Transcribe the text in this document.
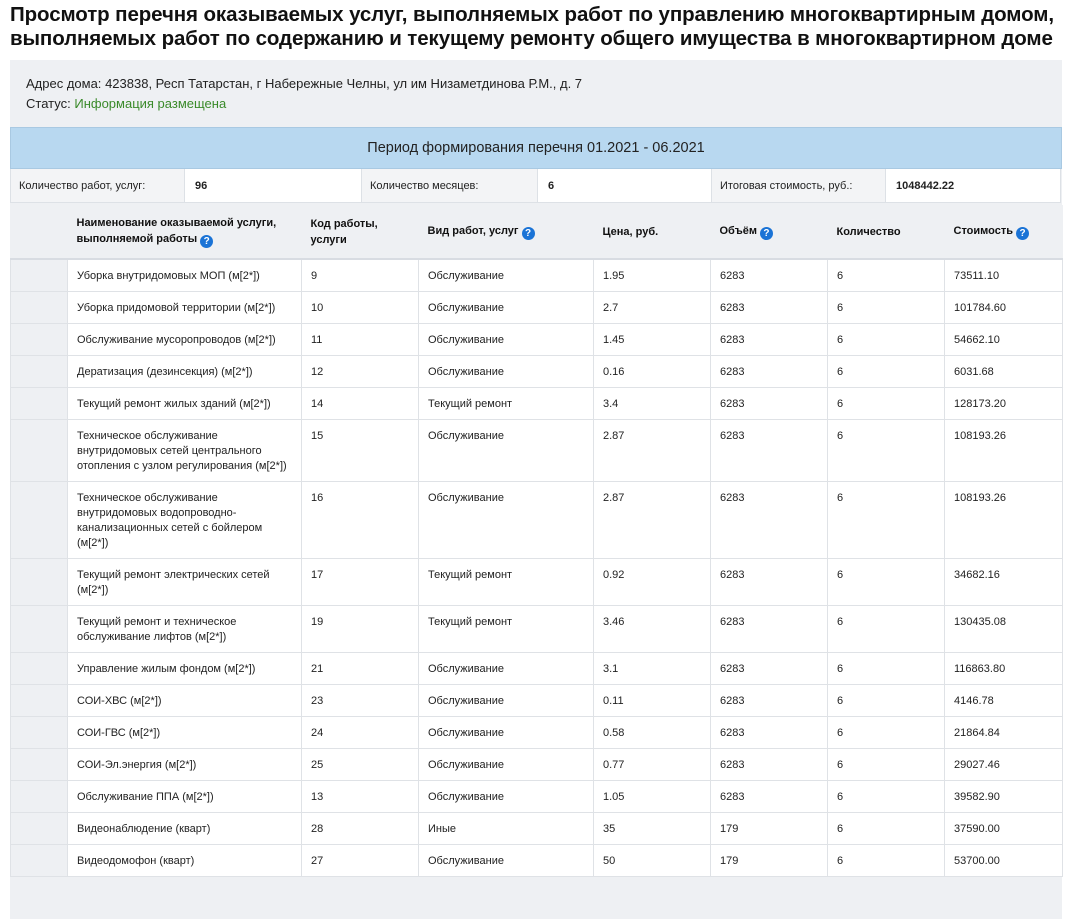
Просмотр перечня оказываемых услуг, выполняемых работ по управлению многоквартирным домом, выполняемых работ по содержанию и текущему ремонту общего имущества в многоквартирном доме
Адрес дома: 423838, Респ Татарстан, г Набережные Челны, ул им Низаметдинова Р.М., д. 7
Статус: Информация размещена
Период формирования перечня 01.2021 - 06.2021
Количество работ, услуг:	96	Количество месяцев:	6	Итоговая стоимость, руб.:	1048442.22
	Наименование оказываемой услуги, выполняемой работы ?	Код работы, услуги	Вид работ, услуг ?	Цена, руб.	Объём ?	Количество	Стоимость ?
	Уборка внутридомовых МОП (м[2*])	9	Обслуживание	1.95	6283	6	73511.10
	Уборка придомовой территории (м[2*])	10	Обслуживание	2.7	6283	6	101784.60
	Обслуживание мусоропроводов (м[2*])	11	Обслуживание	1.45	6283	6	54662.10
	Дератизация (дезинсекция) (м[2*])	12	Обслуживание	0.16	6283	6	6031.68
	Текущий ремонт жилых зданий (м[2*])	14	Текущий ремонт	3.4	6283	6	128173.20
	Техническое обслуживание внутридомовых сетей центрального отопления с узлом регулирования (м[2*])	15	Обслуживание	2.87	6283	6	108193.26
	Техническое обслуживание внутридомовых водопроводно-канализационных сетей с бойлером (м[2*])	16	Обслуживание	2.87	6283	6	108193.26
	Текущий ремонт электрических сетей (м[2*])	17	Текущий ремонт	0.92	6283	6	34682.16
	Текущий ремонт и техническое обслуживание лифтов (м[2*])	19	Текущий ремонт	3.46	6283	6	130435.08
	Управление жилым фондом (м[2*])	21	Обслуживание	3.1	6283	6	116863.80
	СОИ-ХВС (м[2*])	23	Обслуживание	0.11	6283	6	4146.78
	СОИ-ГВС (м[2*])	24	Обслуживание	0.58	6283	6	21864.84
	СОИ-Эл.энергия (м[2*])	25	Обслуживание	0.77	6283	6	29027.46
	Обслуживание ППА (м[2*])	13	Обслуживание	1.05	6283	6	39582.90
	Видеонаблюдение (кварт)	28	Иные	35	179	6	37590.00
	Видеодомофон (кварт)	27	Обслуживание	50	179	6	53700.00
